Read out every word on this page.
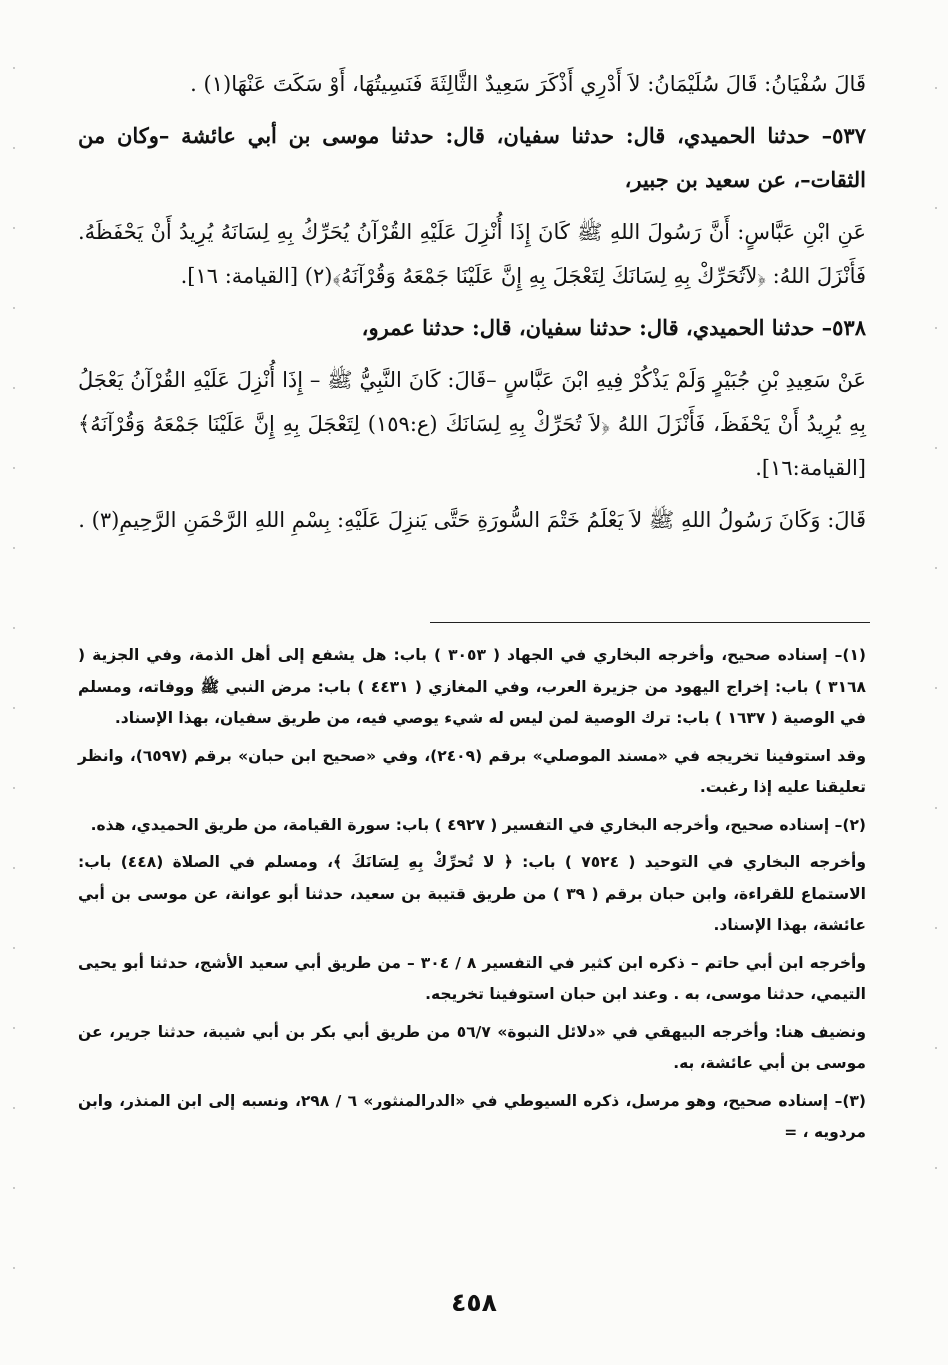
قَالَ سُفْيَانُ: قَالَ سُلَيْمَانُ: لاَ أَدْرِي أَذْكَرَ سَعِيدٌ الثَّالِثَةَ فَنَسِيتُهَا، أَوْ سَكَتَ عَنْهَا(١) .

٥٣٧– حدثنا الحميدي، قال: حدثنا سفيان، قال: حدثنا موسى بن أبي عائشة –وكان من الثقات–، عن سعيد بن جبير،

عَنِ ابْنِ عَبَّاسٍ: أَنَّ رَسُولَ اللهِ ﷺ كَانَ إِذَا أُنْزِلَ عَلَيْهِ القُرْآنُ يُحَرِّكُ بِهِ لِسَانَهُ يُرِيدُ أَنْ يَحْفَظَهُ. فَأَنْزَلَ اللهُ: ﴿لاَتُحَرِّكْ بِهِ لِسَانَكَ لِتَعْجَلَ بِهِ إِنَّ عَلَيْنَا جَمْعَهُ وَقُرْآنَهُ﴾(٢) [القيامة: ١٦].

٥٣٨– حدثنا الحميدي، قال: حدثنا سفيان، قال: حدثنا عمرو،

عَنْ سَعِيدِ بْنِ جُبَيْرٍ وَلَمْ يَذْكُرْ فِيهِ ابْنَ عَبَّاسٍ –قَالَ: كَانَ النَّبِيُّ ﷺ – إِذَا أُنْزِلَ عَلَيْهِ القُرْآنُ يَعْجَلُ بِهِ يُرِيدُ أَنْ يَحْفَظَ، فَأَنْزَلَ اللهُ ﴿لاَ تُحَرِّكْ بِهِ لِسَانَكَ (ع:١٥٩) لِتَعْجَلَ بِهِ إِنَّ عَلَيْنَا جَمْعَهُ وَقُرْآنَهُ﴾ [القيامة:١٦].

قَالَ: وَكَانَ رَسُولُ اللهِ ﷺ لاَ يَعْلَمُ خَتْمَ السُّورَةِ حَتَّى يَنزِلَ عَلَيْهِ: بِسْمِ اللهِ الرَّحْمَنِ الرَّحِيمِ(٣) .

(١)– إسناده صحيح، وأخرجه البخاري في الجهاد ( ٣٠٥٣ ) باب: هل يشفع إلى أهل الذمة، وفي الجزية ( ٣١٦٨ ) باب: إخراج اليهود من جزيرة العرب، وفي المغازي ( ٤٤٣١ ) باب: مرض النبي ﷺ ووفاته، ومسلم في الوصية ( ١٦٣٧ ) باب: ترك الوصية لمن ليس له شيء يوصي فيه، من طريق سفيان، بهذا الإسناد.

وقد استوفينا تخريجه في «مسند الموصلي» برقم (٢٤٠٩)، وفي «صحيح ابن حبان» برقم (٦٥٩٧)، وانظر تعليقنا عليه إذا رغبت.

(٢)– إسناده صحيح، وأخرجه البخاري في التفسير ( ٤٩٢٧ ) باب: سورة القيامة، من طريق الحميدي، هذه.

وأخرجه البخاري في التوحيد ( ٧٥٢٤ ) باب: ﴿ لا تُحرِّكْ بِهِ لِسَانَكَ ﴾، ومسلم في الصلاة (٤٤٨) باب: الاستماع للقراءة، وابن حبان برقم ( ٣٩ ) من طريق قتيبة بن سعيد، حدثنا أبو عوانة، عن موسى بن أبي عائشة، بهذا الإسناد.

وأخرجه ابن أبي حاتم – ذكره ابن كثير في التفسير ٨ / ٣٠٤ – من طريق أبي سعيد الأشج، حدثنا أبو يحيى التيمي، حدثنا موسى، به . وعند ابن حبان استوفينا تخريجه.

ونضيف هنا: وأخرجه البيهقي في «دلائل النبوة» ٥٦/٧ من طريق أبي بكر بن أبي شيبة، حدثنا جرير، عن موسى بن أبي عائشة، به.

(٣)– إسناده صحيح، وهو مرسل، ذكره السيوطي في «الدرالمنثور» ٦ / ٢٩٨، ونسبه إلى ابن المنذر، وابن مردويه ، =

٤٥٨
